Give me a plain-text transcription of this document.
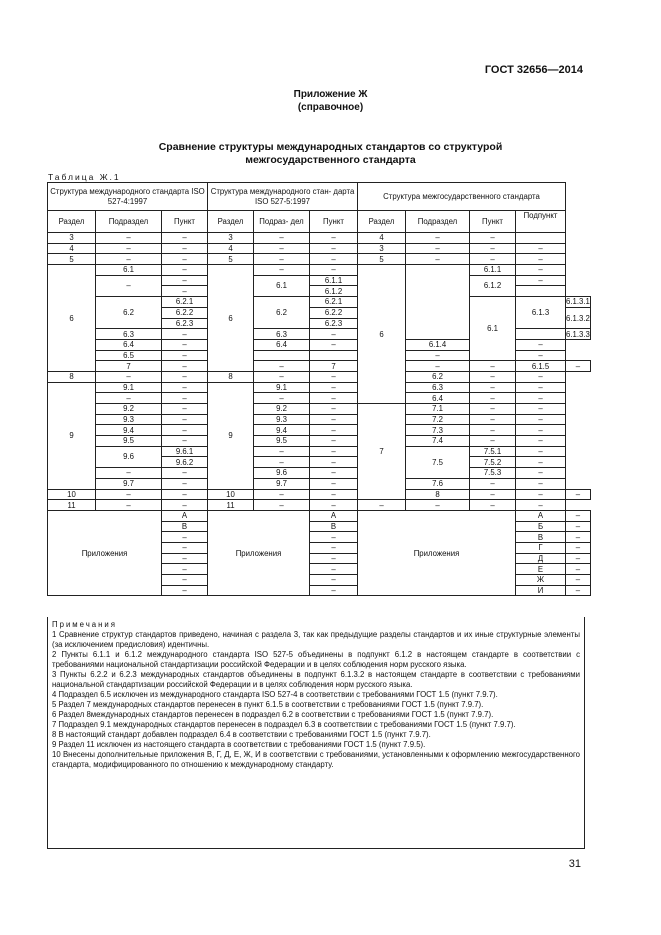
ГОСТ 32656—2014
Приложение Ж
(справочное)
Сравнение структуры международных стандартов со структурой
межгосударственного стандарта
Таблица Ж.1
Структура международного стандарта ISO 527-4:1997			Структура международного стан- дарта ISO 527-5:1997			Структура межгосударственного стандарта				
Раздел	Подраздел	Пункт	Раздел	Подраз- дел	Пункт	Раздел	Подраздел	Пункт	Подпункт	
3	–	–	3	–	–	4	–	–		
4	–	–	4	–	–	3	–	–	–	
5	–	–	5	–	–	5	–	–	–	
6	6.1	–	6	–	–	6		6.1.1	–	
	–	–		6.1	6.1.1			6.1.2	–	
		–			6.1.2					
	6.2	6.2.1		6.2	6.2.1			6.1	6.1.3	6.1.3.1
		6.2.2			6.2.2					6.1.3.2
		6.2.3			6.2.3					
	6.3	–		6.3	–					6.1.3.3
	6.4	–		6.4	–		6.1.4		–	
	6.5	–					–		–	
	7	–		–	7		–	–	6.1.5	–
8	–	–	8	–	–		6.2	–	–	
9	9.1	–	9	9.1	–		6.3	–	–	
	–	–		–	–		6.4	–	–	
	9.2	–		9.2	–	7	7.1	–	–	
	9.3	–		9.3	–		7.2	–	–	
	9.4	–		9.4	–		7.3	–	–	
	9.5	–		9.5	–		7.4	–	–	
	9.6	9.6.1		–	–		7.5	7.5.1	–	
		9.6.2		–	–			7.5.2	–	
	–	–		9.6	–			7.5.3	–	
	9.7	–		9.7	–		7.6	–	–	
10	–	–	10	–	–		8	–	–	–
11	–	–	11	–	–	–	–	–	–	
Приложения		А	Приложения		А	Приложения			А	–
		В			В				Б	–
		–			–				В	–
		–			–				Г	–
		–			–				Д	–
		–			–				Е	–
		–			–				Ж	–
		–			–				И	–

Примечания

1 Сравнение структур стандартов приведено, начиная с раздела 3, так как предыдущие разделы стандартов и их иные структурные элементы (за исключением предисловия) идентичны.

2 Пункты 6.1.1 и 6.1.2 международного стандарта ISO 527-5 объединены в подпункт 6.1.2 в настоящем стандарте в соответствии с требованиями национальной стандартизации российской Федерации и в целях соблюдения норм русского языка.

3 Пункты 6.2.2 и 6.2.3 международных стандартов объединены в подпункт 6.1.3.2 в настоящем стандарте в соответствии с требованиями национальной стандартизации российской Федерации и в целях соблюдения норм русского языка.

4 Подраздел 6.5 исключен из международного стандарта ISO 527-4 в соответствии с требованиями ГОСТ 1.5 (пункт 7.9.7).

5 Раздел 7 международных стандартов перенесен в пункт 6.1.5 в соответствии с требованиями ГОСТ 1.5 (пункт 7.9.7).

6 Раздел 8международных стандартов перенесен в подраздел 6.2 в соответствии с требованиями ГОСТ 1.5 (пункт 7.9.7).

7 Подраздел 9.1 международных стандартов перенесен в подраздел 6.3 в соответствии с требованиями ГОСТ 1.5 (пункт 7.9.7).

8 В настоящий стандарт добавлен подраздел 6.4 в соответствии с требованиями ГОСТ 1.5 (пункт 7.9.7).

9 Раздел 11 исключен из настоящего стандарта в соответствии с требованиями ГОСТ 1.5 (пункт 7.9.5).

10 Внесены дополнительные приложения В, Г, Д, Е, Ж, И в соответствии с требованиями, установленными к оформлению межгосударственного стандарта, модифицированного по отношению к международному стандарту.

31
